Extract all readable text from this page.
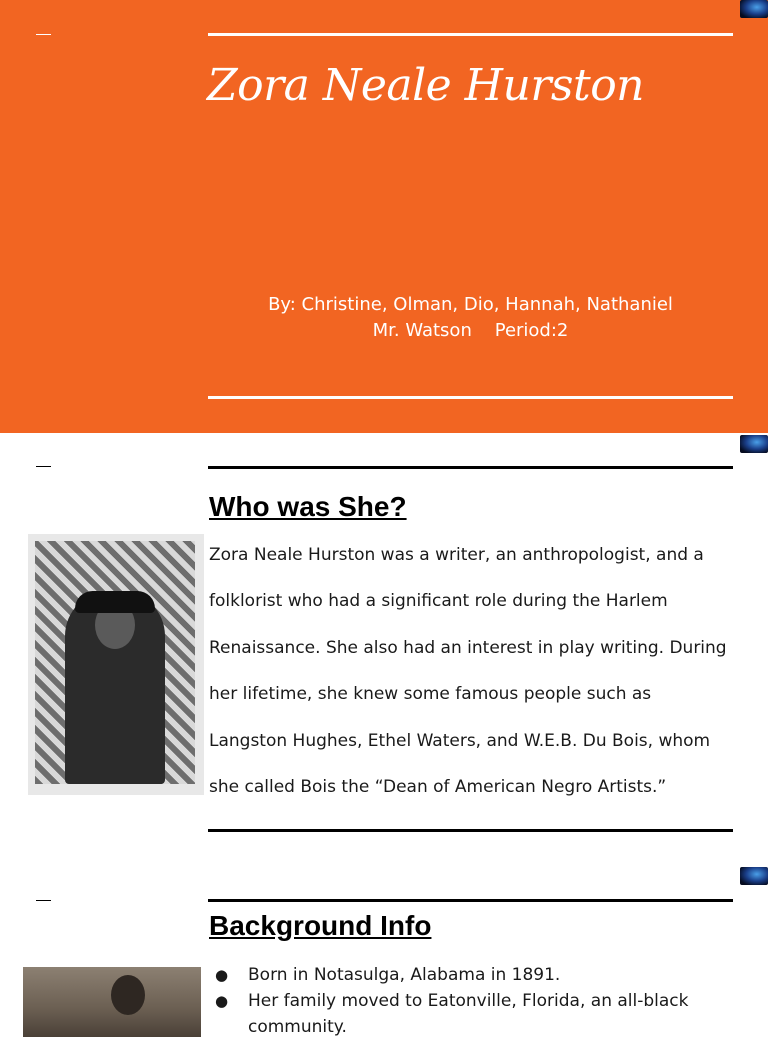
Zora Neale Hurston
By: Christine, Olman, Dio, Hannah, Nathaniel
Mr. Watson    Period:2
Who was She?

Zora Neale Hurston was a writer, an anthropologist, and a folklorist who had a significant role during the Harlem Renaissance. She also had an interest in play writing. During her lifetime, she knew some famous people such as Langston Hughes, Ethel Waters, and W.E.B. Du Bois, whom she called Bois the “Dean of American Negro Artists.”

Background Info
● Born in Notasulga, Alabama in 1891.
● Her family moved to Eatonville, Florida, an all-black community.
